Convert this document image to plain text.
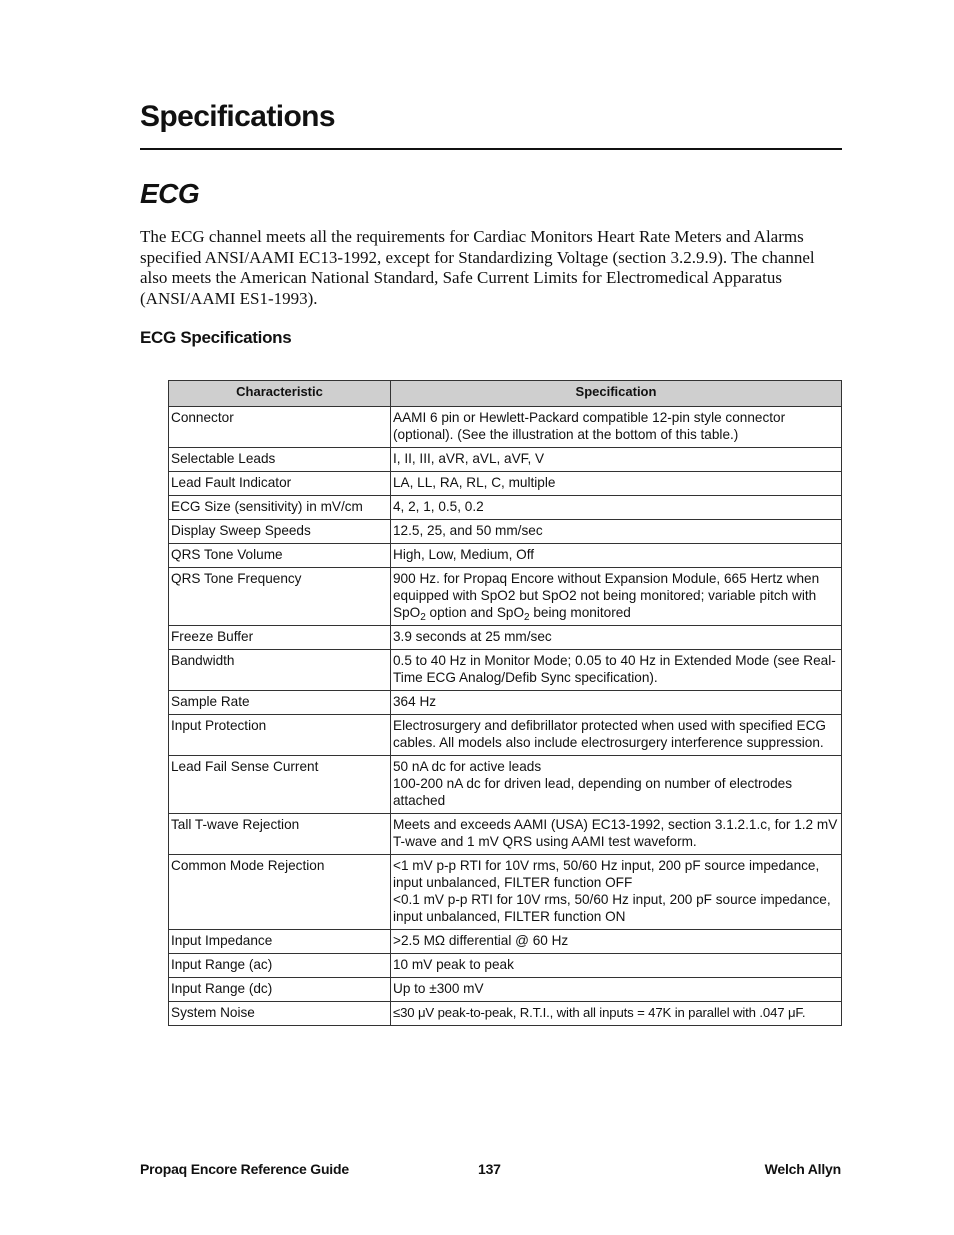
Specifications
ECG

The ECG channel meets all the requirements for Cardiac Monitors Heart Rate Meters and Alarms specified ANSI/AAMI EC13-1992, except for Standardizing Voltage (section 3.2.9.9). The channel also meets the American National Standard, Safe Current Limits for Electromedical Apparatus (ANSI/AAMI ES1-1993).

ECG Specifications
Characteristic	Specification
Connector	AAMI 6 pin or Hewlett-Packard compatible 12-pin style connector (optional). (See the illustration at the bottom of this table.)
Selectable Leads	I, II, III, aVR, aVL, aVF, V
Lead Fault Indicator	LA, LL, RA, RL, C, multiple
ECG Size (sensitivity) in mV/cm	4, 2, 1, 0.5, 0.2
Display Sweep Speeds	12.5, 25, and 50 mm/sec
QRS Tone Volume	High, Low, Medium, Off
QRS Tone Frequency	900 Hz. for Propaq Encore without Expansion Module, 665 Hertz when equipped with SpO2 but SpO2 not being monitored; variable pitch with SpO$_2$ option and SpO$_2$ being monitored
Freeze Buffer	3.9 seconds at 25 mm/sec
Bandwidth	0.5 to 40 Hz in Monitor Mode; 0.05 to 40 Hz in Extended Mode (see Real-Time ECG Analog/Defib Sync specification).
Sample Rate	364 Hz
Input Protection	Electrosurgery and defibrillator protected when used with specified ECG cables. All models also include electrosurgery interference suppression.
Lead Fail Sense Current	50 nA dc for active leads
100-200 nA dc for driven lead, depending on number of electrodes attached

Tall T-wave Rejection	Meets and exceeds AAMI (USA) EC13-1992, section 3.1.2.1.c, for 1.2 mV T-wave and 1 mV QRS using AAMI test waveform.
Common Mode Rejection	<1 mV p-p RTI for 10V rms, 50/60 Hz input, 200 pF source impedance, input unbalanced, FILTER function OFF
<0.1 mV p-p RTI for 10V rms, 50/60 Hz input, 200 pF source impedance, input unbalanced, FILTER function ON

Input Impedance	>2.5 MΩ differential @ 60 Hz
Input Range (ac)	10 mV peak to peak
Input Range (dc)	Up to ±300 mV
System Noise	≤30 μV peak-to-peak, R.T.I., with all inputs = 47K in parallel with .047 μF.
Propaq Encore Reference Guide	137	Welch Allyn
